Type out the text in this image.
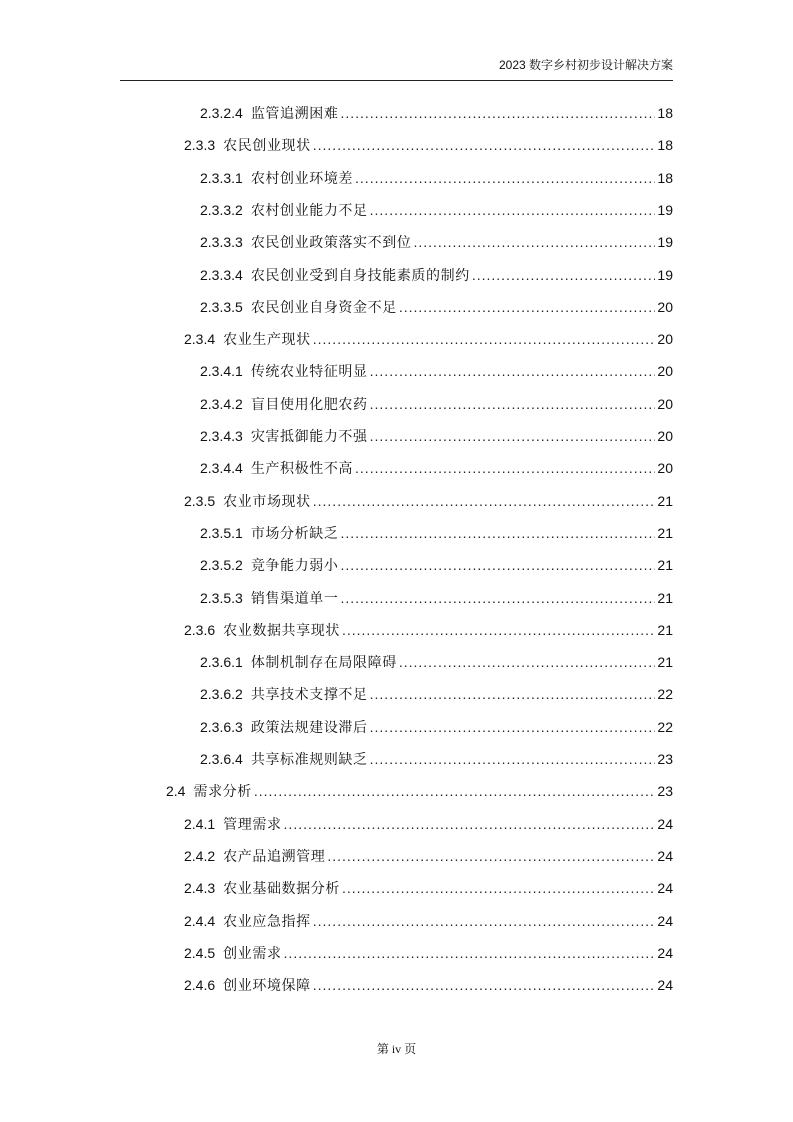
2023 数字乡村初步设计解决方案
2.3.2.4 监管追溯困难 .....	18
2.3.3 农民创业现状 .....	18
2.3.3.1 农村创业环境差 .....	18
2.3.3.2 农村创业能力不足 .....	19
2.3.3.3 农民创业政策落实不到位 .....	19
2.3.3.4 农民创业受到自身技能素质的制约 .....	19
2.3.3.5 农民创业自身资金不足 .....	20
2.3.4 农业生产现状 .....	20
2.3.4.1 传统农业特征明显 .....	20
2.3.4.2 盲目使用化肥农药 .....	20
2.3.4.3 灾害抵御能力不强 .....	20
2.3.4.4 生产积极性不高 .....	20
2.3.5 农业市场现状 .....	21
2.3.5.1 市场分析缺乏 .....	21
2.3.5.2 竞争能力弱小 .....	21
2.3.5.3 销售渠道单一 .....	21
2.3.6 农业数据共享现状 .....	21
2.3.6.1 体制机制存在局限障碍 .....	21
2.3.6.2 共享技术支撑不足 .....	22
2.3.6.3 政策法规建设滞后 .....	22
2.3.6.4 共享标准规则缺乏 .....	23
2.4 需求分析 .....	23
2.4.1 管理需求 .....	24
2.4.2 农产品追溯管理 .....	24
2.4.3 农业基础数据分析 .....	24
2.4.4 农业应急指挥 .....	24
2.4.5 创业需求 .....	24
2.4.6 创业环境保障 .....	24
第 iv 页
